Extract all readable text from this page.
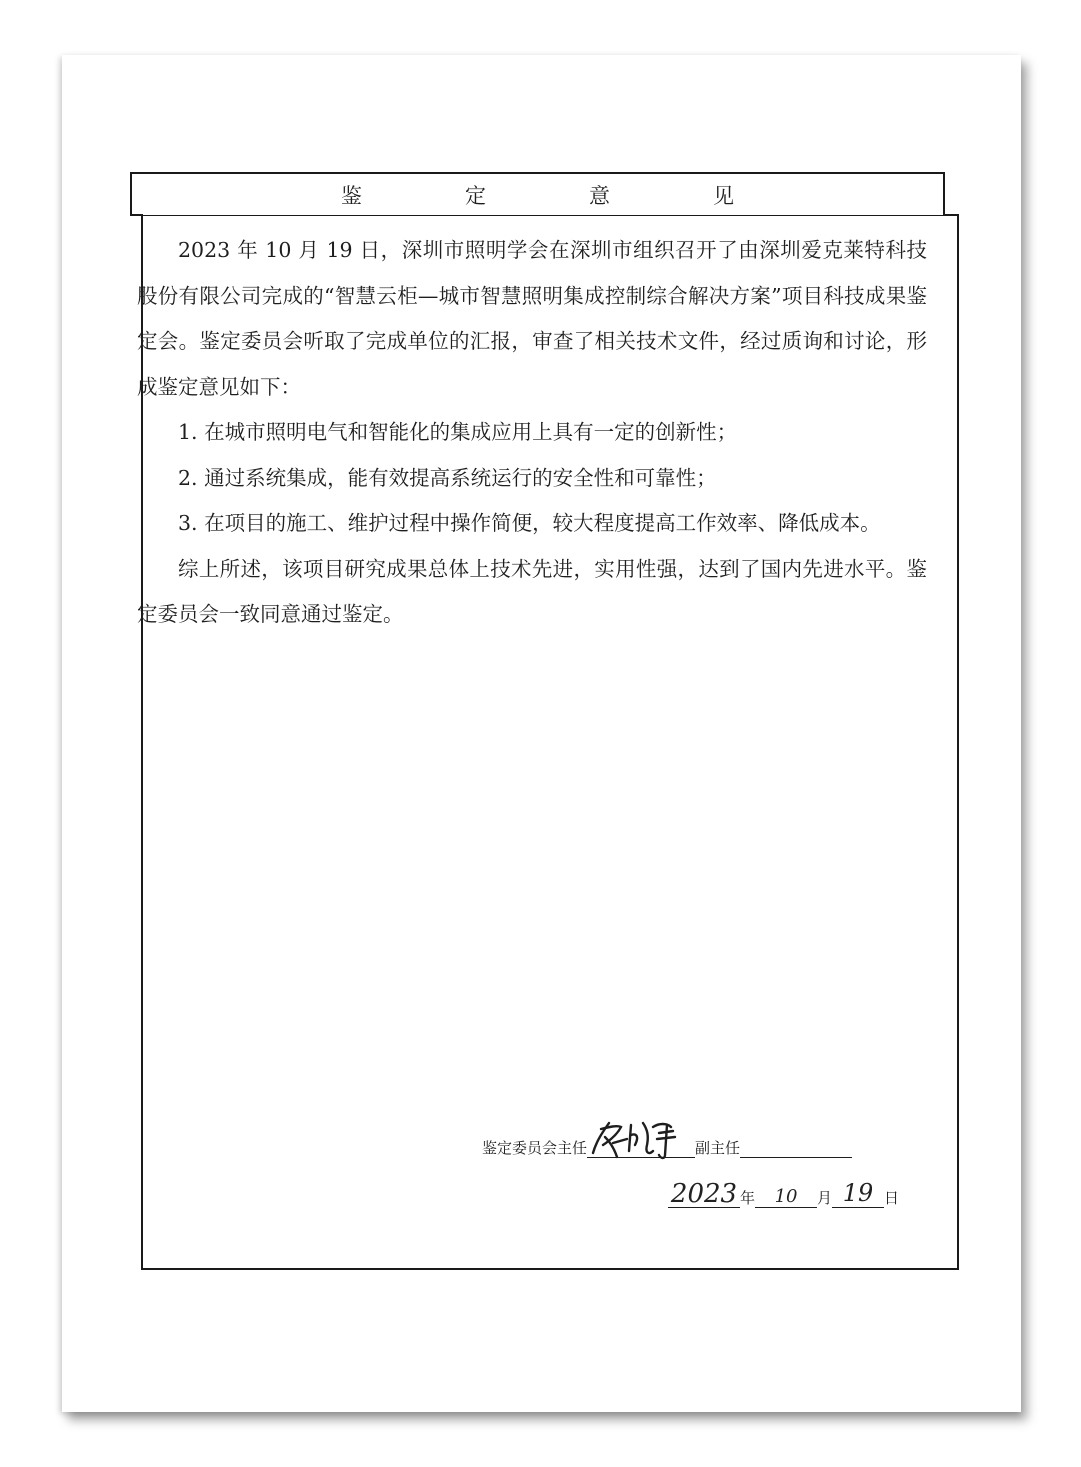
鉴	定	意	见

2023 年 10 月 19 日，深圳市照明学会在深圳市组织召开了由深圳爱克莱特科技股份有限公司完成的“智慧云柜—城市智慧照明集成控制综合解决方案”项目科技成果鉴定会。鉴定委员会听取了完成单位的汇报，审查了相关技术文件，经过质询和讨论，形成鉴定意见如下：

1. 在城市照明电气和智能化的集成应用上具有一定的创新性；

2. 通过系统集成，能有效提高系统运行的安全性和可靠性；

3. 在项目的施工、维护过程中操作简便，较大程度提高工作效率、降低成本。

综上所述，该项目研究成果总体上技术先进，实用性强，达到了国内先进水平。鉴定委员会一致同意通过鉴定。

鉴定委员会主任	副主任
2023 年	10	月 19 日
